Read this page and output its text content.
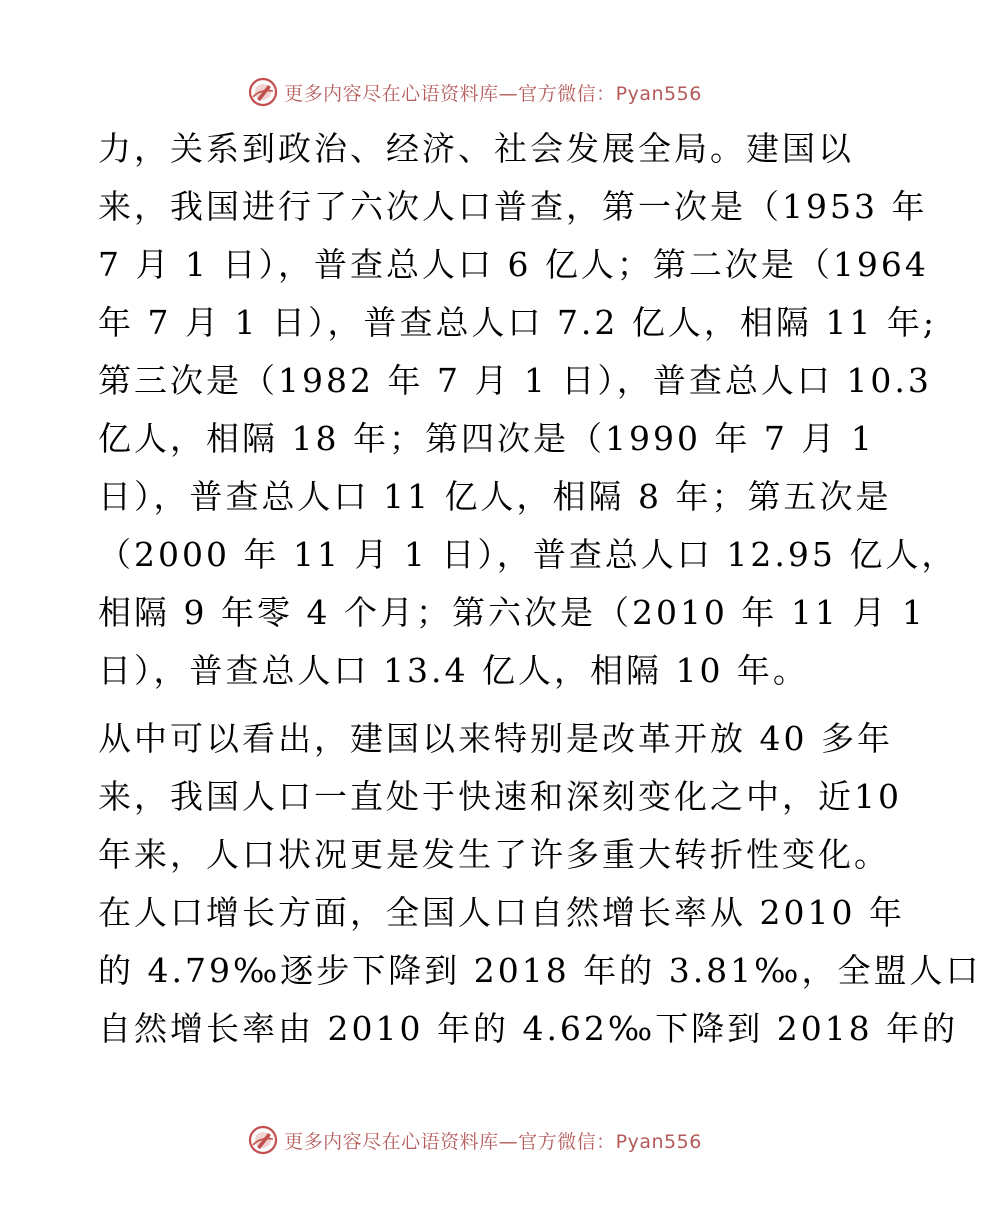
更多内容尽在心语资料库—官方微信：Pyan556
力，关系到政治、经济、社会发展全局。建国以
来，我国进行了六次人口普查，第一次是（1953 年
7 月 1 日），普查总人口 6 亿人；第二次是（1964
年 7 月 1 日），普查总人口 7.2 亿人，相隔 11 年;
第三次是（1982 年 7 月 1 日），普查总人口 10.3
亿人，相隔 18 年；第四次是（1990 年 7 月 1
日），普查总人口 11 亿人，相隔 8 年；第五次是
（2000 年 11 月 1 日），普查总人口 12.95 亿人，
相隔 9 年零 4 个月；第六次是（2010 年 11 月 1
日），普查总人口 13.4 亿人，相隔 10 年。
从中可以看出，建国以来特别是改革开放 40 多年
来，我国人口一直处于快速和深刻变化之中，近10
年来，人口状况更是发生了许多重大转折性变化。
在人口增长方面，全国人口自然增长率从 2010 年
的 4.79‰逐步下降到 2018 年的 3.81‰，全盟人口
自然增长率由 2010 年的 4.62‰下降到 2018 年的
更多内容尽在心语资料库—官方微信：Pyan556
